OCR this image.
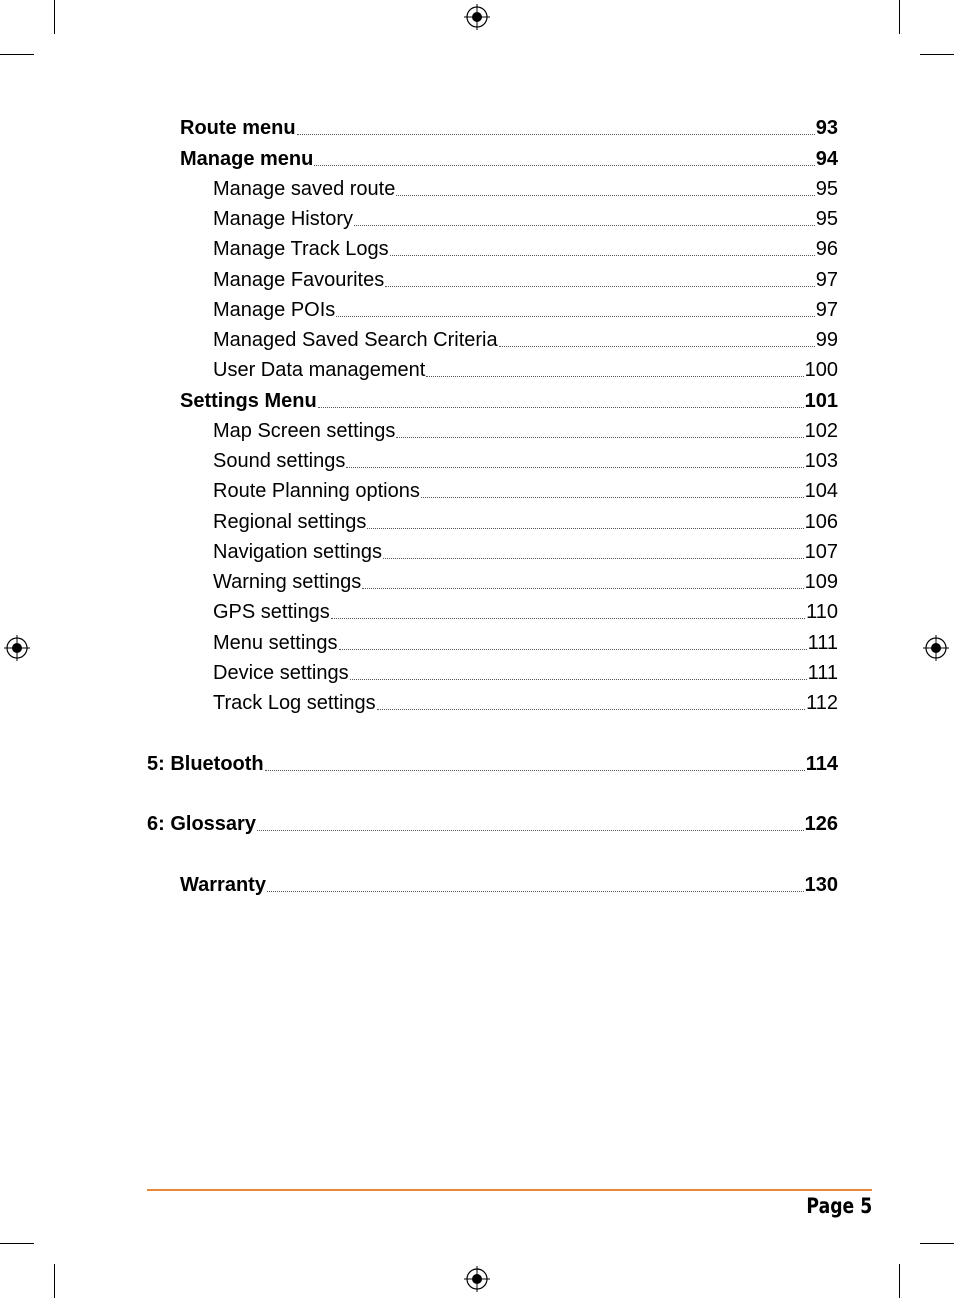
Route menu	93
Manage menu	94
Manage saved route	95
Manage History	95
Manage Track Logs	96
Manage Favourites	97
Manage POIs	97
Managed Saved Search Criteria	99
User Data management	100
Settings Menu	101
Map Screen settings	102
Sound settings	103
Route Planning options	104
Regional settings	106
Navigation settings	107
Warning settings	109
GPS settings	110
Menu settings	111
Device settings	111
Track Log settings	112
5: Bluetooth	114
6: Glossary	126
Warranty	130
Page 5
